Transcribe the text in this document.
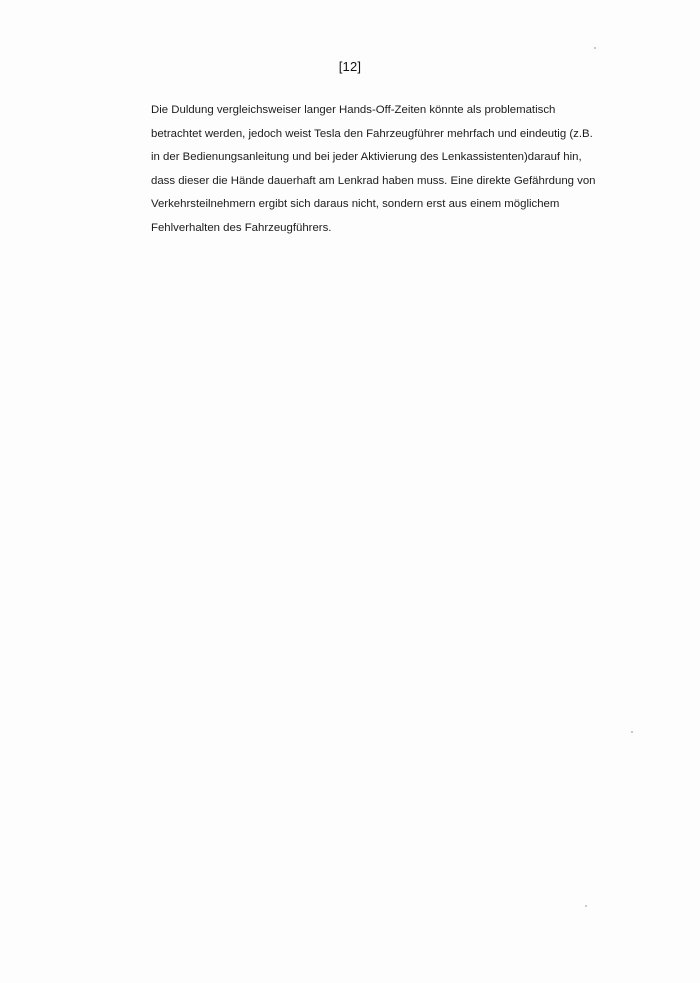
[12]
Die Duldung vergleichsweiser langer Hands-Off-Zeiten könnte als problematisch
betrachtet werden, jedoch weist Tesla den Fahrzeugführer mehrfach und eindeutig (z.B.
in der Bedienungsanleitung und bei jeder Aktivierung des Lenkassistenten)darauf hin,
dass dieser die Hände dauerhaft am Lenkrad haben muss. Eine direkte Gefährdung von
Verkehrsteilnehmern ergibt sich daraus nicht, sondern erst aus einem möglichem
Fehlverhalten des Fahrzeugführers.
